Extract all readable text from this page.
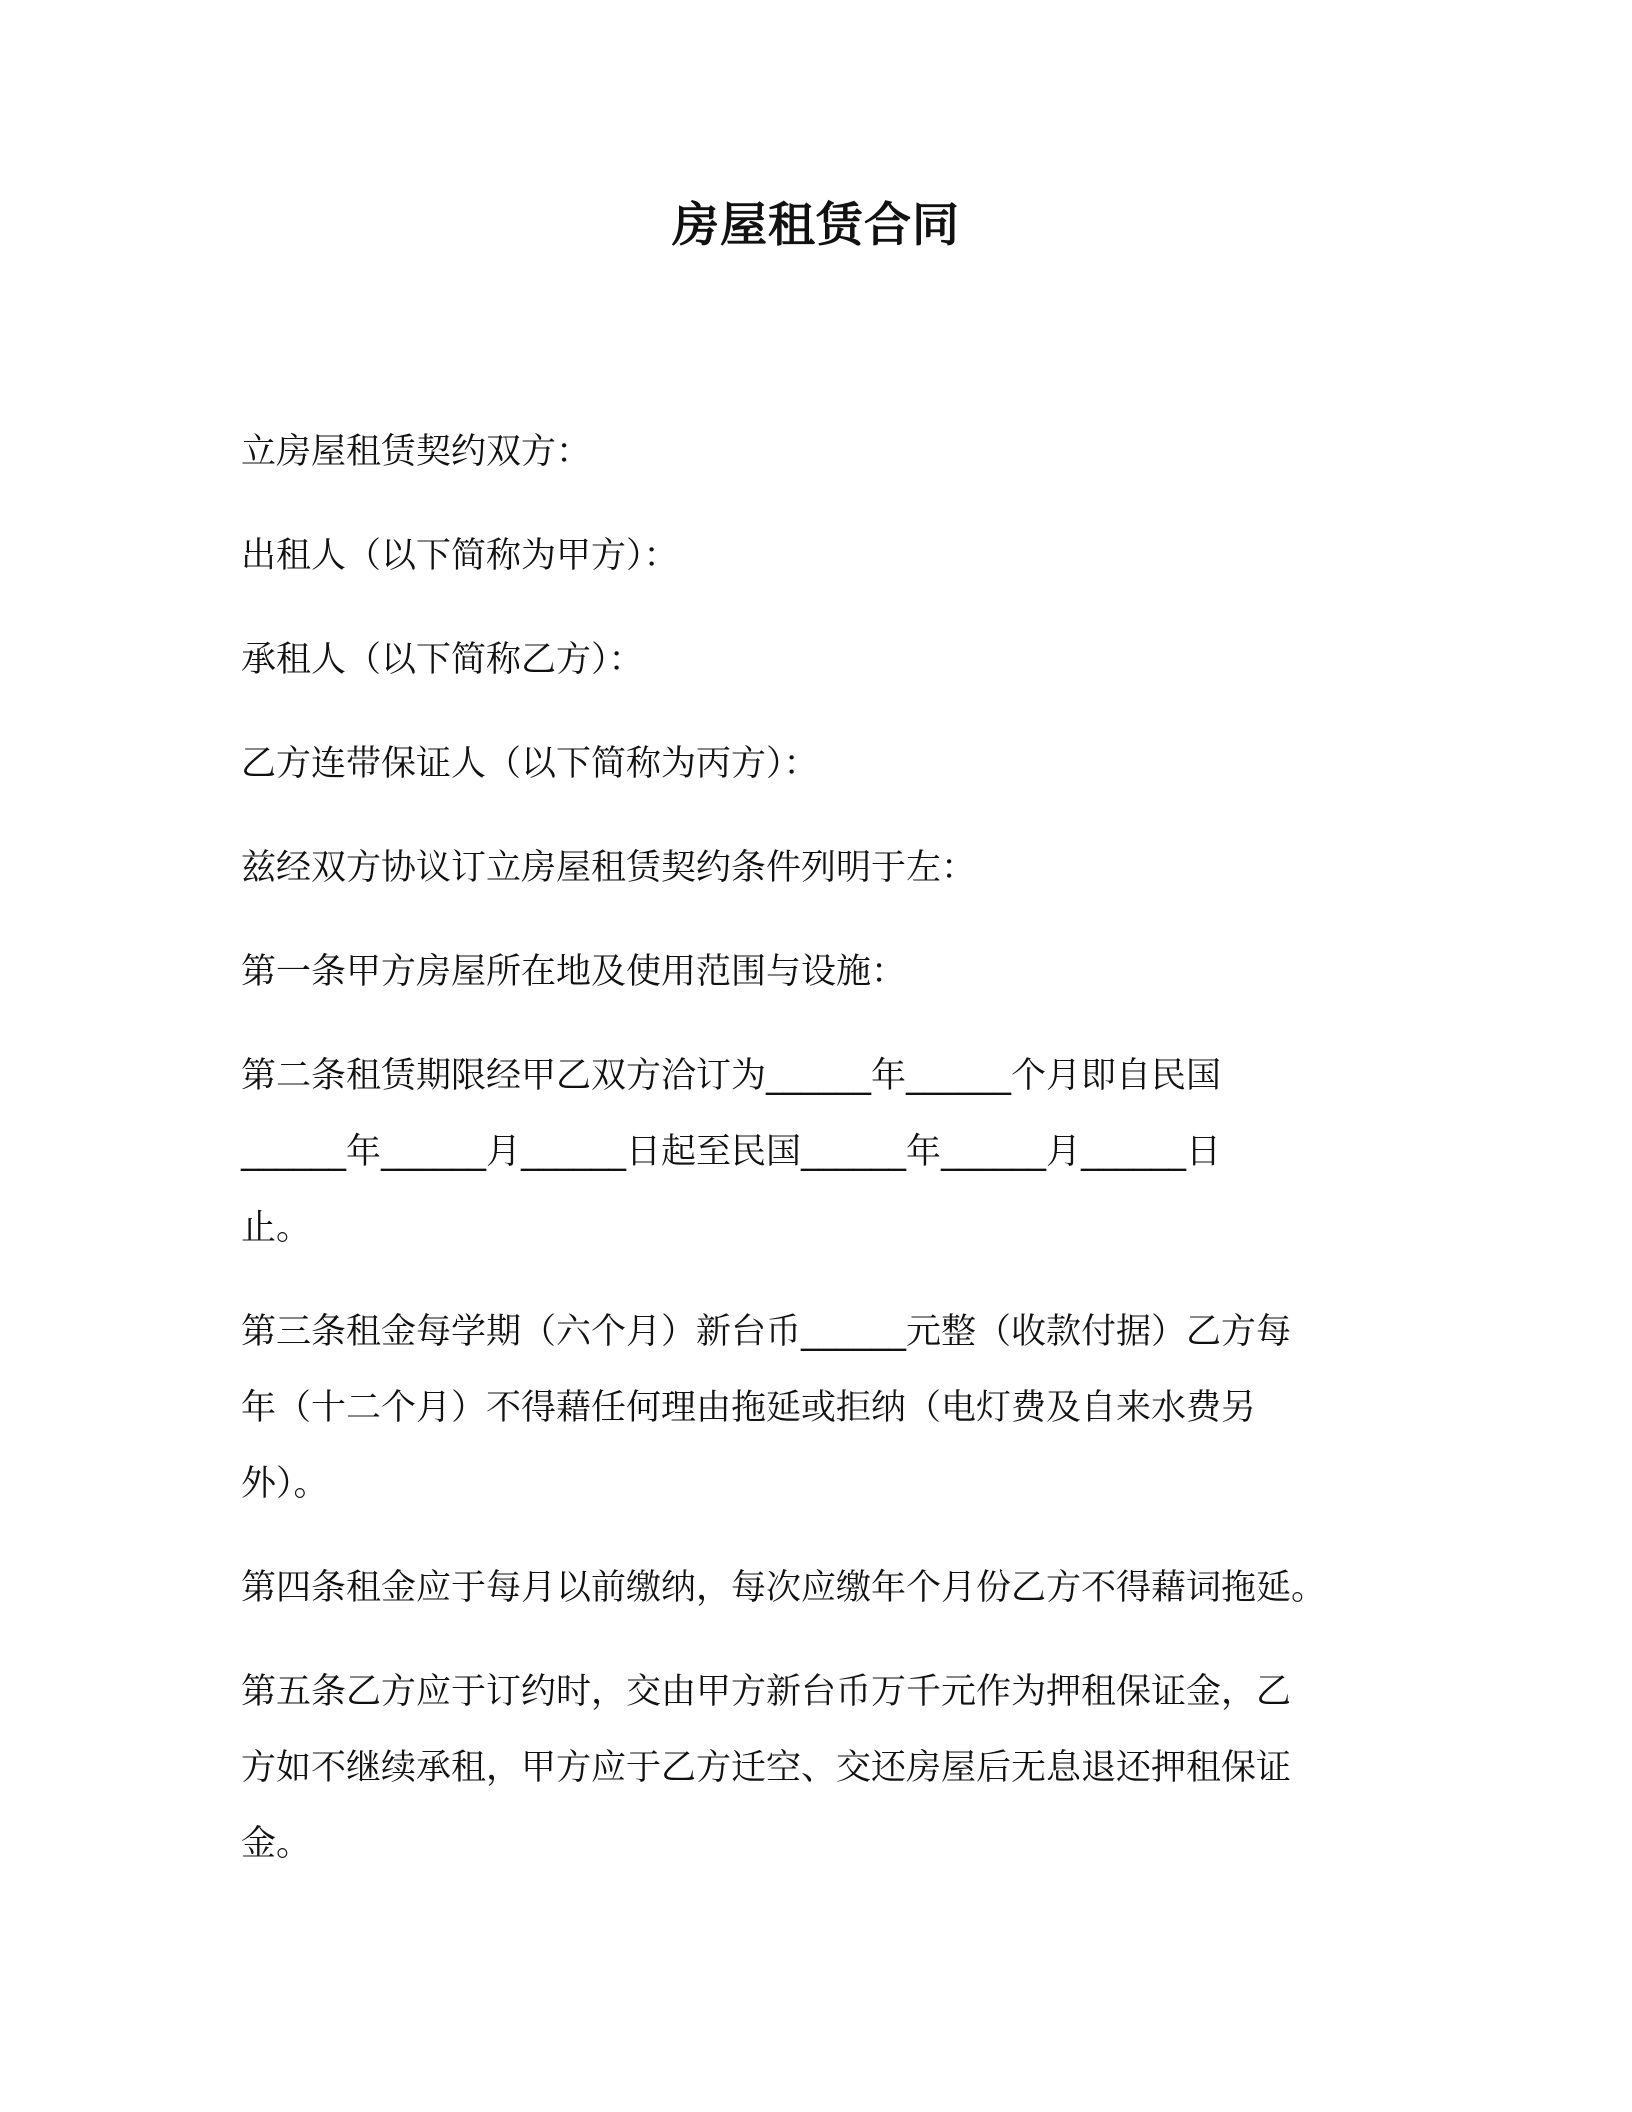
房屋租赁合同

立房屋租赁契约双方：

出租人（以下简称为甲方）：

承租人（以下简称乙方）：

乙方连带保证人（以下简称为丙方）：

兹经双方协议订立房屋租赁契约条件列明于左：

第一条甲方房屋所在地及使用范围与设施：

第二条租赁期限经甲乙双方洽订为______年______个月即自民国
______年______月______日起至民国______年______月______日
止。

第三条租金每学期（六个月）新台币______元整（收款付据）乙方每
年（十二个月）不得藉任何理由拖延或拒纳（电灯费及自来水费另
外）。

第四条租金应于每月以前缴纳，每次应缴年个月份乙方不得藉词拖延。

第五条乙方应于订约时，交由甲方新台币万千元作为押租保证金，乙
方如不继续承租，甲方应于乙方迁空、交还房屋后无息退还押租保证
金。
